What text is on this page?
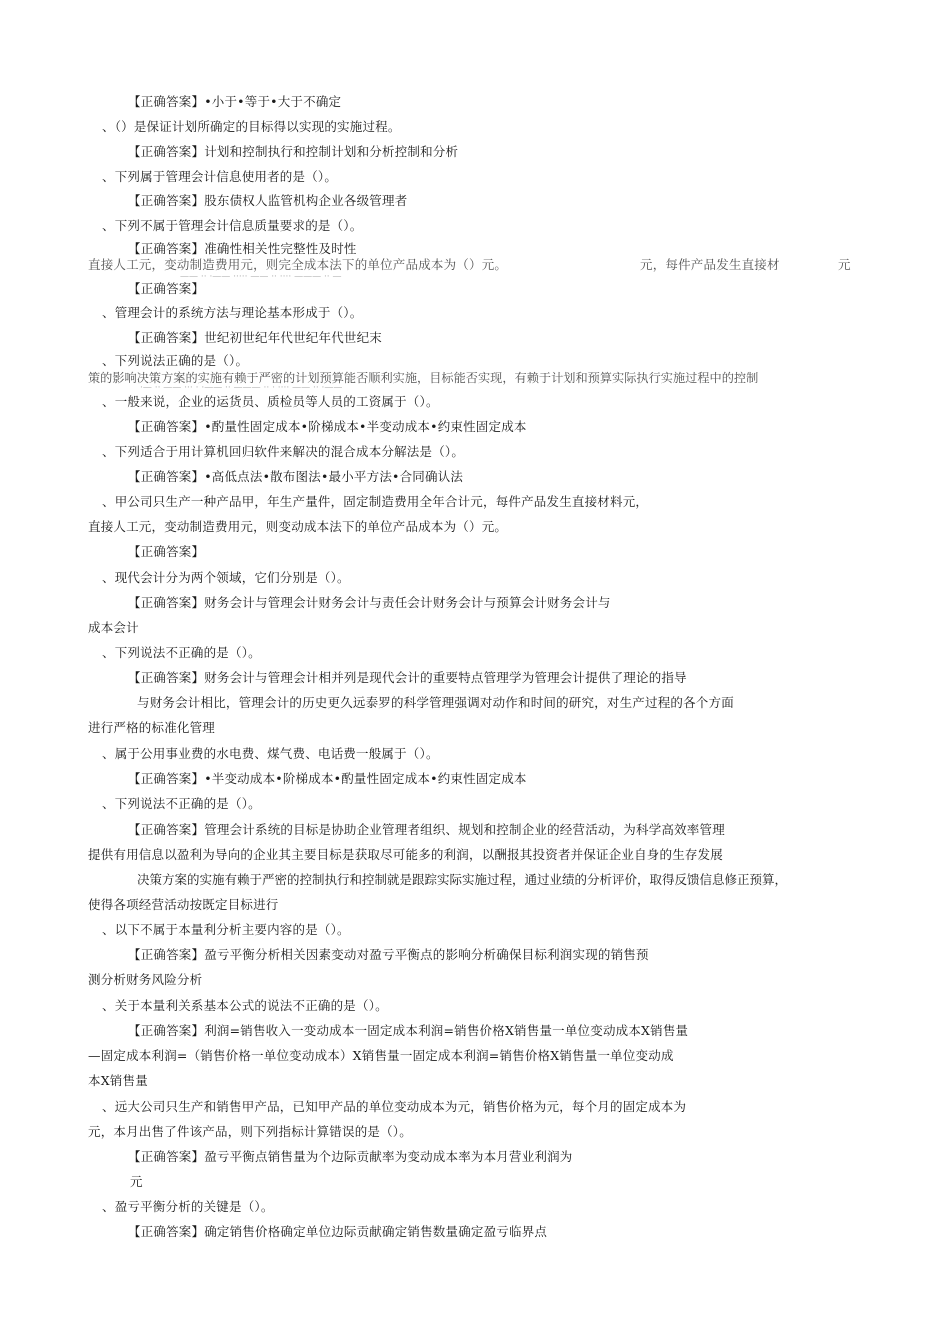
【正确答案】•小于•等于•大于不确定
、（）是保证计划所确定的目标得以实现的实施过程。
【正确答案】计划和控制执行和控制计划和分析控制和分析
、下列属于管理会计信息使用者的是（）。
【正确答案】股东债权人监管机构企业各级管理者
、下列不属于管理会计信息质量要求的是（）。
【正确答案】准确性相关性完整性及时性
直接人工元，变动制造费用元，则完全成本法下的单位产品成本为（）元。	元，每件产品发生直接材	元
—— ·· ·—— ····· —— ·· ···· ——— ·· —
【正确答案】
、管理会计的系统方法与理论基本形成于（）。
【正确答案】世纪初世纪年代世纪年代世纪末
、下列说法正确的是（）。
策的影响决策方案的实施有赖于严密的计划预算能否顺利实施，目标能否实现，有赖于计划和预算实际执行实施过程中的控制
·— ·· —— ··· · ·—— ·· ——— ·· · ···· —— ·· ·——
、一般来说，企业的运货员、质检员等人员的工资属于（）。
【正确答案】•酌量性固定成本•阶梯成本•半变动成本•约束性固定成本
、下列适合于用计算机回归软件来解决的混合成本分解法是（）。
【正确答案】•高低点法•散布图法•最小平方法•合同确认法
、甲公司只生产一种产品甲，年生产量件，固定制造费用全年合计元，每件产品发生直接材料元，
直接人工元，变动制造费用元，则变动成本法下的单位产品成本为（）元。
【正确答案】
、现代会计分为两个领域，它们分别是（）。
【正确答案】财务会计与管理会计财务会计与责任会计财务会计与预算会计财务会计与
成本会计
、下列说法不正确的是（）。
【正确答案】财务会计与管理会计相并列是现代会计的重要特点管理学为管理会计提供了理论的指导
与财务会计相比，管理会计的历史更久远泰罗的科学管理强调对动作和时间的研究，对生产过程的各个方面
进行严格的标准化管理
、属于公用事业费的水电费、煤气费、电话费一般属于（）。
【正确答案】•半变动成本•阶梯成本•酌量性固定成本•约束性固定成本
、下列说法不正确的是（）。
【正确答案】管理会计系统的目标是协助企业管理者组织、规划和控制企业的经营活动，为科学高效率管理
提供有用信息以盈利为导向的企业其主要目标是获取尽可能多的利润，以酬报其投资者并保证企业自身的生存发展
决策方案的实施有赖于严密的控制执行和控制就是跟踪实际实施过程，通过业绩的分析评价，取得反馈信息修正预算，
使得各项经营活动按既定目标进行
、以下不属于本量利分析主要内容的是（）。
【正确答案】盈亏平衡分析相关因素变动对盈亏平衡点的影响分析确保目标利润实现的销售预
测分析财务风险分析
、关于本量利关系基本公式的说法不正确的是（）。
【正确答案】利润=销售收入一变动成本一固定成本利润=销售价格X销售量一单位变动成本X销售量
—固定成本利润=（销售价格一单位变动成本）X销售量一固定成本利润=销售价格X销售量一单位变动成
本X销售量
、远大公司只生产和销售甲产品，已知甲产品的单位变动成本为元，销售价格为元，每个月的固定成本为
元，本月出售了件该产品，则下列指标计算错误的是（）。
【正确答案】盈亏平衡点销售量为个边际贡献率为变动成本率为本月营业利润为
元
、盈亏平衡分析的关键是（）。
【正确答案】确定销售价格确定单位边际贡献确定销售数量确定盈亏临界点
